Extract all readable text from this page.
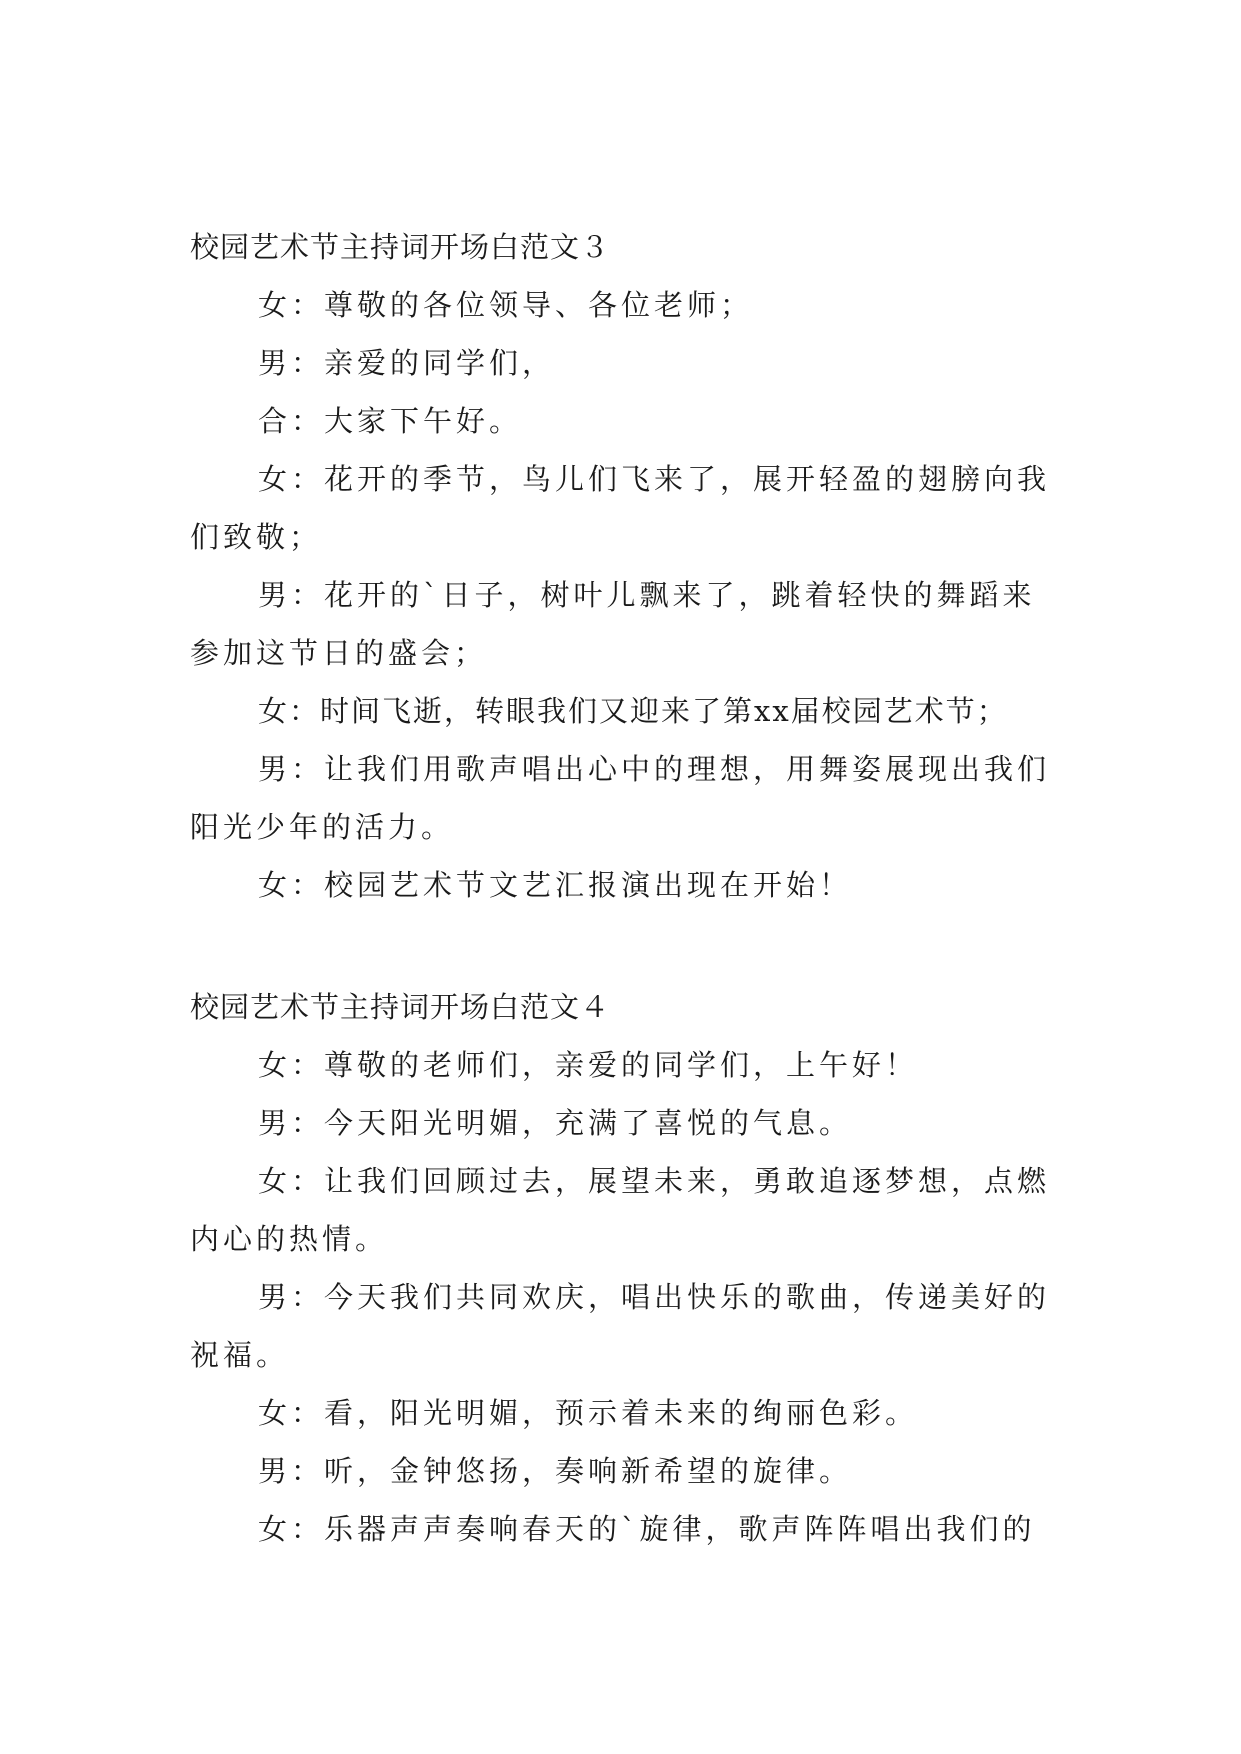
校园艺术节主持词开场白范文３

女：尊敬的各位领导、各位老师；

男：亲爱的同学们，

合：大家下午好。

女：花开的季节，鸟儿们飞来了，展开轻盈的翅膀向我们致敬；

男：花开的`日子，树叶儿飘来了，跳着轻快的舞蹈来参加这节日的盛会；

女：时间飞逝，转眼我们又迎来了第xx届校园艺术节；

男：让我们用歌声唱出心中的理想，用舞姿展现出我们阳光少年的活力。

女：校园艺术节文艺汇报演出现在开始！

校园艺术节主持词开场白范文４

女：尊敬的老师们，亲爱的同学们，上午好！

男：今天阳光明媚，充满了喜悦的气息。

女：让我们回顾过去，展望未来，勇敢追逐梦想，点燃内心的热情。

男：今天我们共同欢庆，唱出快乐的歌曲，传递美好的祝福。

女：看，阳光明媚，预示着未来的绚丽色彩。

男：听，金钟悠扬，奏响新希望的旋律。

女：乐器声声奏响春天的`旋律，歌声阵阵唱出我们的
